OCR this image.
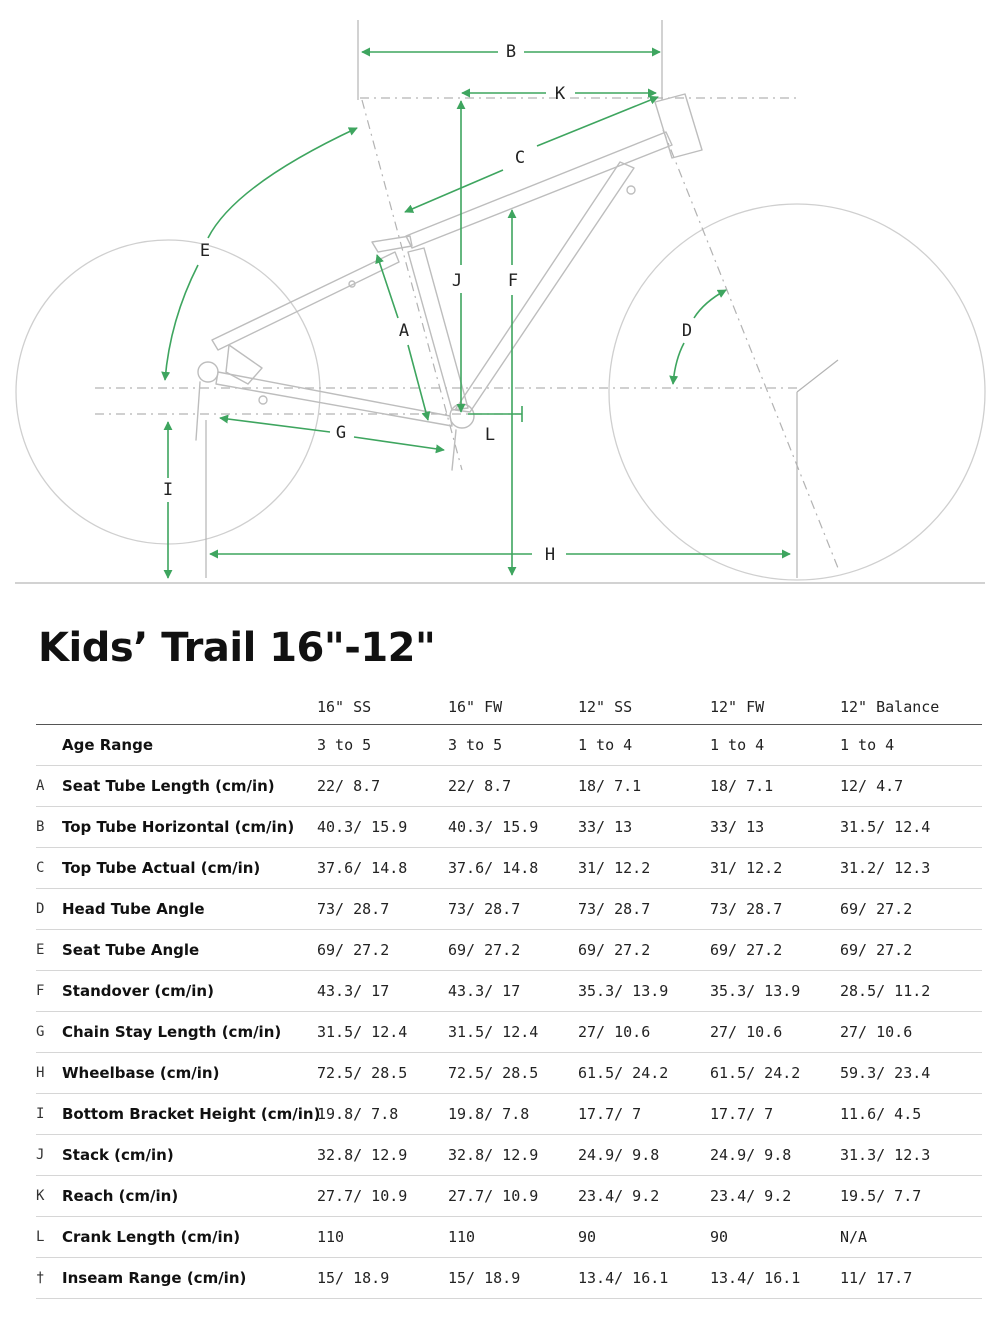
B
K
C
E
J	F
A	D
G	L
I
H
Kids’ Trail 16"-12"
		16" SS	16" FW	12" SS	12" FW	12" Balance
	Age Range	3 to 5	3 to 5	1 to 4	1 to 4	1 to 4
A	Seat Tube Length (cm/in)	22/ 8.7	22/ 8.7	18/ 7.1	18/ 7.1	12/ 4.7
B	Top Tube Horizontal (cm/in)	40.3/ 15.9	40.3/ 15.9	33/ 13	33/ 13	31.5/ 12.4
C	Top Tube Actual (cm/in)	37.6/ 14.8	37.6/ 14.8	31/ 12.2	31/ 12.2	31.2/ 12.3
D	Head Tube Angle	73/ 28.7	73/ 28.7	73/ 28.7	73/ 28.7	69/ 27.2
E	Seat Tube Angle	69/ 27.2	69/ 27.2	69/ 27.2	69/ 27.2	69/ 27.2
F	Standover (cm/in)	43.3/ 17	43.3/ 17	35.3/ 13.9	35.3/ 13.9	28.5/ 11.2
G	Chain Stay Length (cm/in)	31.5/ 12.4	31.5/ 12.4	27/ 10.6	27/ 10.6	27/ 10.6
H	Wheelbase (cm/in)	72.5/ 28.5	72.5/ 28.5	61.5/ 24.2	61.5/ 24.2	59.3/ 23.4
I	Bottom Bracket Height (cm/in)	19.8/ 7.8	19.8/ 7.8	17.7/ 7	17.7/ 7	11.6/ 4.5
J	Stack (cm/in)	32.8/ 12.9	32.8/ 12.9	24.9/ 9.8	24.9/ 9.8	31.3/ 12.3
K	Reach (cm/in)	27.7/ 10.9	27.7/ 10.9	23.4/ 9.2	23.4/ 9.2	19.5/ 7.7
L	Crank Length (cm/in)	110	110	90	90	N/A
†	Inseam Range (cm/in)	15/ 18.9	15/ 18.9	13.4/ 16.1	13.4/ 16.1	11/ 17.7
